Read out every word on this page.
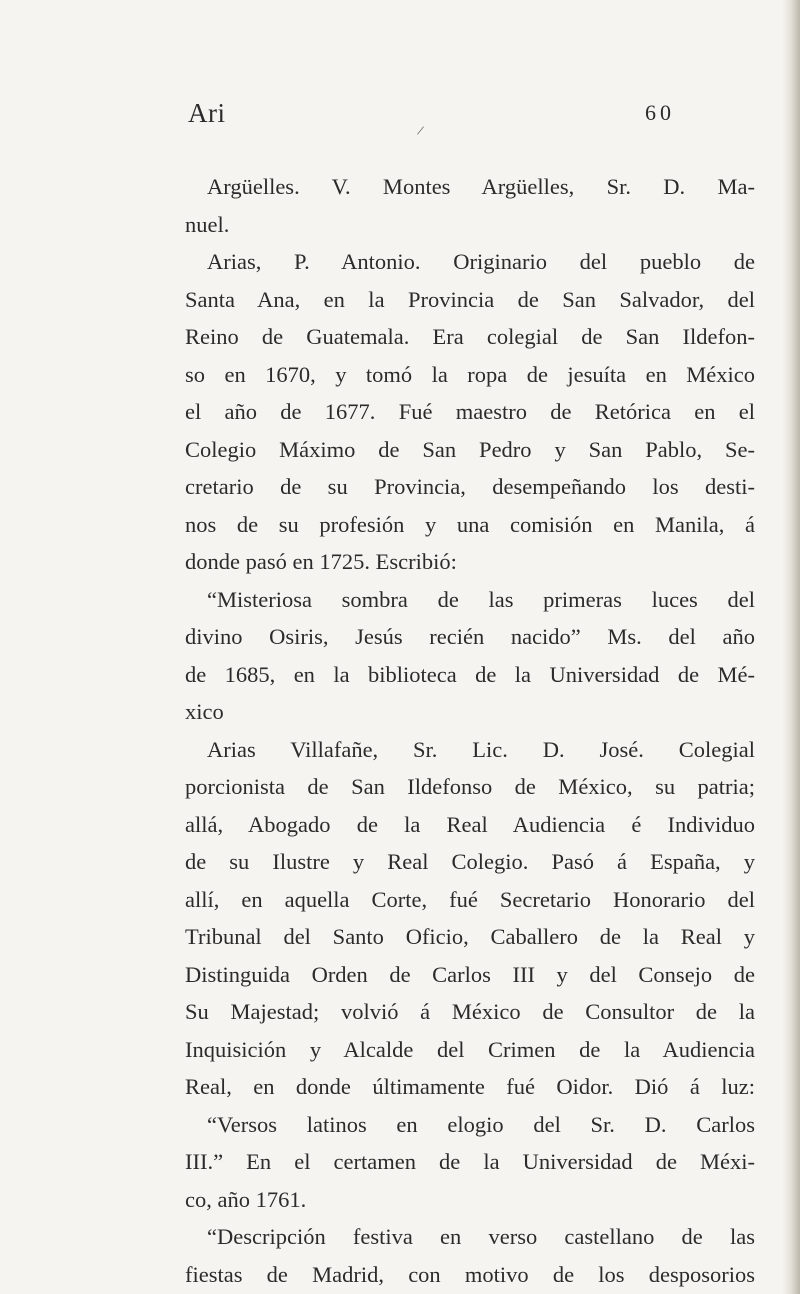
Ari	60
/
Argüelles. V. Montes Argüelles, Sr. D. Ma-
nuel.
Arias, P. Antonio. Originario del pueblo de
Santa Ana, en la Provincia de San Salvador, del
Reino de Guatemala. Era colegial de San Ildefon-
so en 1670, y tomó la ropa de jesuíta en México
el año de 1677. Fué maestro de Retórica en el
Colegio Máximo de San Pedro y San Pablo, Se-
cretario de su Provincia, desempeñando los desti-
nos de su profesión y una comisión en Manila, á
donde pasó en 1725. Escribió:
“Misteriosa sombra de las primeras luces del
divino Osiris, Jesús recién nacido” Ms. del año
de 1685, en la biblioteca de la Universidad de Mé-
xico
Arias Villafañe, Sr. Lic. D. José. Colegial
porcionista de San Ildefonso de México, su patria;
allá, Abogado de la Real Audiencia é Individuo
de su Ilustre y Real Colegio. Pasó á España, y
allí, en aquella Corte, fué Secretario Honorario del
Tribunal del Santo Oficio, Caballero de la Real y
Distinguida Orden de Carlos III y del Consejo de
Su Majestad; volvió á México de Consultor de la
Inquisición y Alcalde del Crimen de la Audiencia
Real, en donde últimamente fué Oidor. Dió á luz:
“Versos latinos en elogio del Sr. D. Carlos
III.” En el certamen de la Universidad de Méxi-
co, año 1761.
“Descripción festiva en verso castellano de las
fiestas de Madrid, con motivo de los desposorios
